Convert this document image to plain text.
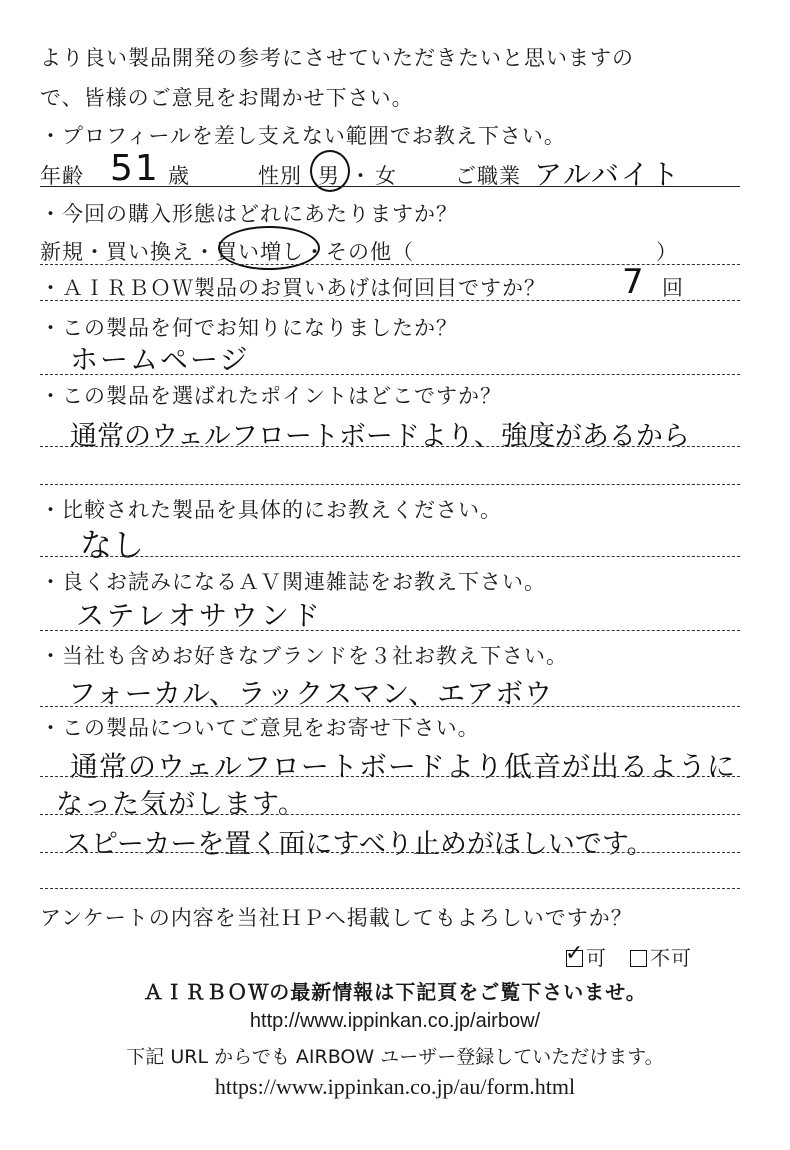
より良い製品開発の参考にさせていただきたいと思いますの
で、皆様のご意見をお聞かせ下さい。
・プロフィールを差し支えない範囲でお教え下さい。
年齢 51 歳	性別 男 ・ 女	ご職業 アルバイト
・今回の購入形態はどれにあたりますか？
新規・買い換え・買い増し・その他（　　　　　　　　　　　）
・ＡＩＲＢＯＷ製品のお買いあげは何回目ですか？ 7 回
・この製品を何でお知りになりましたか？
ホームページ
・この製品を選ばれたポイントはどこですか？
通常のウェルフロートボードより、強度があるから
・比較された製品を具体的にお教えください。
なし
・良くお読みになるＡＶ関連雑誌をお教え下さい。
ステレオサウンド
・当社も含めお好きなブランドを３社お教え下さい。
フォーカル、ラックスマン、エアボウ
・この製品についてご意見をお寄せ下さい。
通常のウェルフロートボードより低音が出るように
なった気がします。
スピーカーを置く面にすべり止めがほしいです。
アンケートの内容を当社ＨＰへ掲載してもよろしいですか？
✓ 可	不可
ＡＩＲＢＯＷの最新情報は下記頁をご覧下さいませ。
http://www.ippinkan.co.jp/airbow/
下記 URL からでも AIRBOW ユーザー登録していただけます。
https://www.ippinkan.co.jp/au/form.html
